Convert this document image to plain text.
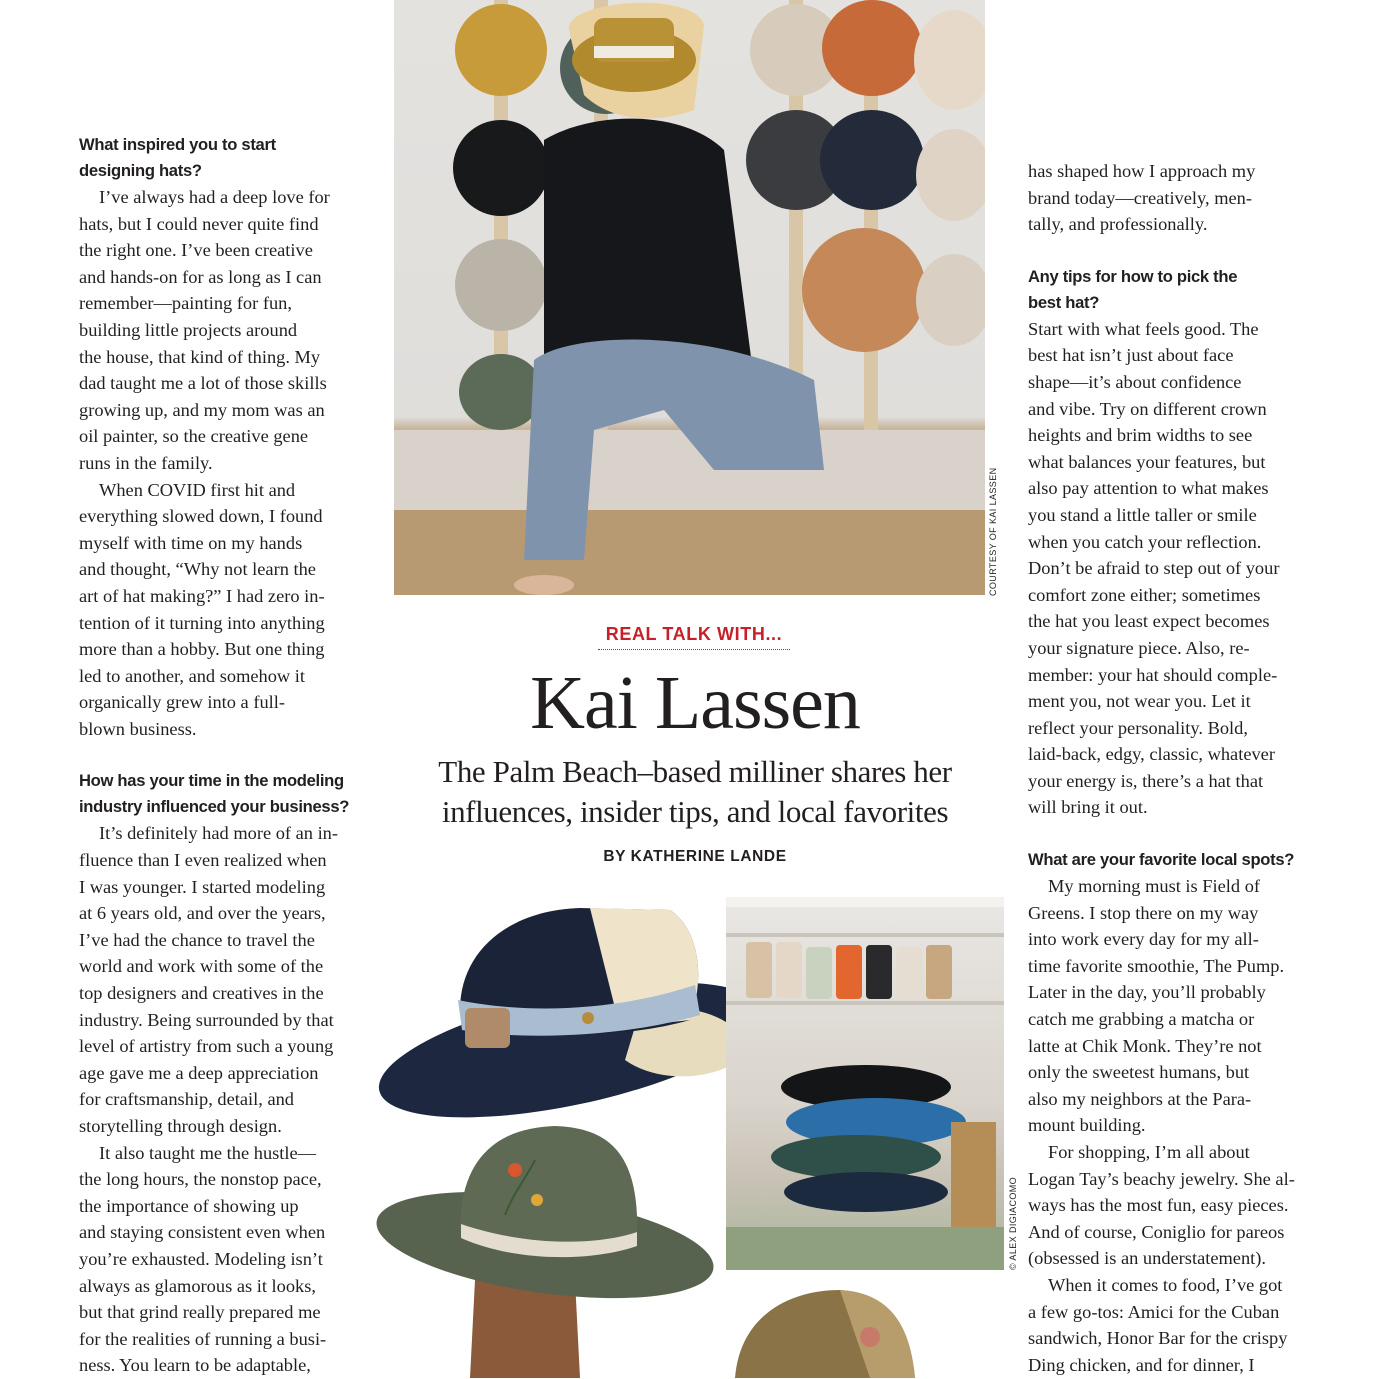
What inspired you to start
designing hats?

I’ve always had a deep love for
hats, but I could never quite find
the right one. I’ve been creative
and hands-on for as long as I can
remember—painting for fun,
building little projects around
the house, that kind of thing. My
dad taught me a lot of those skills
growing up, and my mom was an
oil painter, so the creative gene
runs in the family.

When COVID first hit and
everything slowed down, I found
myself with time on my hands
and thought, “Why not learn the
art of hat making?” I had zero in-
tention of it turning into anything
more than a hobby. But one thing
led to another, and somehow it
organically grew into a full-
blown business.

How has your time in the modeling
industry influenced your business?

It’s definitely had more of an in-
fluence than I even realized when
I was younger. I started modeling
at 6 years old, and over the years,
I’ve had the chance to travel the
world and work with some of the
top designers and creatives in the
industry. Being surrounded by that
level of artistry from such a young
age gave me a deep appreciation
for craftsmanship, detail, and
storytelling through design.

It also taught me the hustle—
the long hours, the nonstop pace,
the importance of showing up
and staying consistent even when
you’re exhausted. Modeling isn’t
always as glamorous as it looks,
but that grind really prepared me
for the realities of running a busi-
ness. You learn to be adaptable,

COURTESY OF KAI LASSEN
REAL TALK WITH...
Kai Lassen
The Palm Beach–based milliner shares her
influences, insider tips, and local favorites
BY KATHERINE LANDE
© ALEX DIGIACOMO

has shaped how I approach my
brand today—creatively, men-
tally, and professionally.

Any tips for how to pick the
best hat?

Start with what feels good. The
best hat isn’t just about face
shape—it’s about confidence
and vibe. Try on different crown
heights and brim widths to see
what balances your features, but
also pay attention to what makes
you stand a little taller or smile
when you catch your reflection.
Don’t be afraid to step out of your
comfort zone either; sometimes
the hat you least expect becomes
your signature piece. Also, re-
member: your hat should comple-
ment you, not wear you. Let it
reflect your personality. Bold,
laid-back, edgy, classic, whatever
your energy is, there’s a hat that
will bring it out.

What are your favorite local spots?

My morning must is Field of
Greens. I stop there on my way
into work every day for my all-
time favorite smoothie, The Pump.
Later in the day, you’ll probably
catch me grabbing a matcha or
latte at Chik Monk. They’re not
only the sweetest humans, but
also my neighbors at the Para-
mount building.

For shopping, I’m all about
Logan Tay’s beachy jewelry. She al-
ways has the most fun, easy pieces.
And of course, Coniglio for pareos
(obsessed is an understatement).

When it comes to food, I’ve got
a few go-tos: Amici for the Cuban
sandwich, Honor Bar for the crispy
Ding chicken, and for dinner, I
